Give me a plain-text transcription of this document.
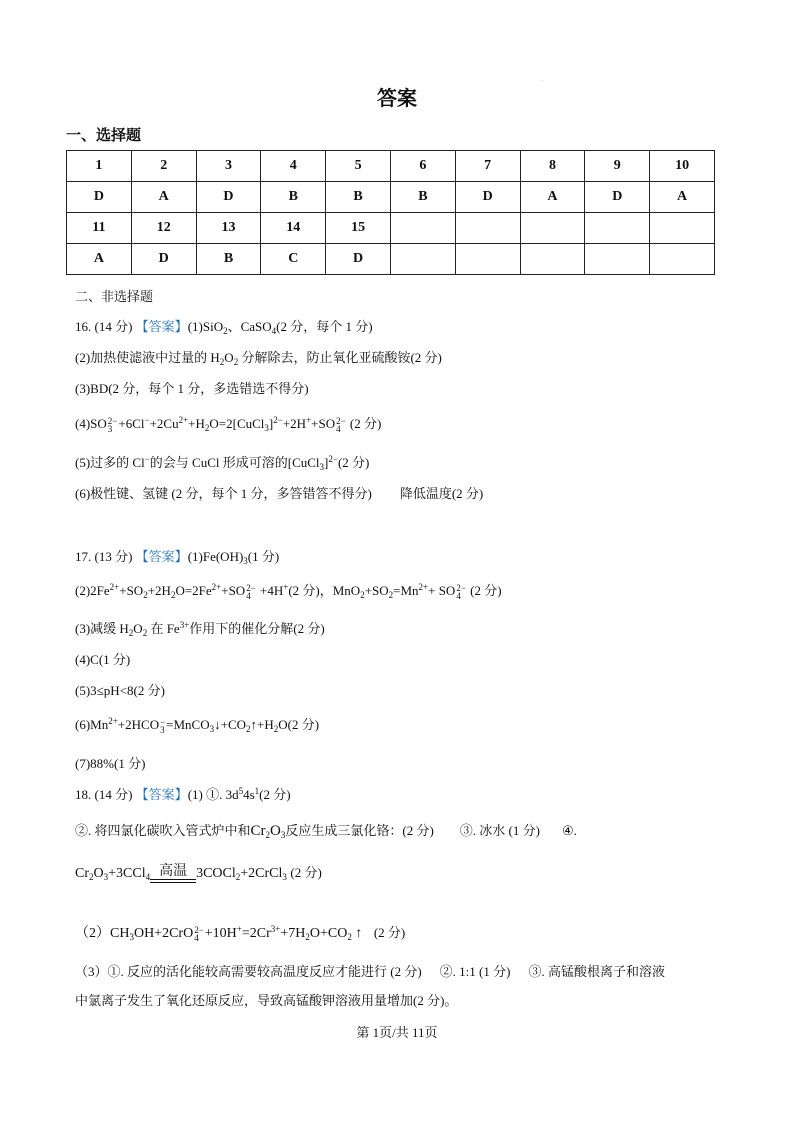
·
答案
一、选择题
1	2	3	4	5	6	7	8	9	10
D	A	D	B	B	B	D	A	D	A
11	12	13	14	15					
A	D	B	C	D					
二、非选择题
16. (14 分) 【答案】(1)SiO$_2$、CaSO$_4$(2 分，每个 1 分)
(2)加热使滤液中过量的 $H_2O_2$ 分解除去，防止氧化亚硫酸铵(2 分)
(3)BD(2 分，每个 1 分，多选错选不得分)
(4)SO2−
$3 +6Cl^-+2Cu^{2+}+H_2O=2[CuCl_3]^{2-}+2H^++SO2-$
4 (2 分)
(5)过多的 Cl−的会与 CuCl 形成可溶的[CuCl$_3$]$^{2-}$(2 分)
(6)极性键、氢键 (2 分，每个 1 分，多答错答不得分) 降低温度(2 分)
17. (13 分) 【答案】$(1)Fe(OH)_3(1$ 分)
$(2)2Fe^{2+}+SO_2+2H_2O=2Fe^{2+}+SO2-$
4 +4H+(2 分)，$MnO_2+SO_2=Mn^{2+}+ SO2-$
4 (2 分)
(3)减缓 $H_2O_2$ 在 $Fe^{3+}$作用下的催化分解(2 分)
(4)C(1 分)
(5)3≤pH<8(2 分)
$(6)Mn^{2+}+2HCO-$
$3 =MnCO_3↓+CO_2↑+H_2O(2$ 分)
(7)88%(1 分)
18. (14 分) 【答案】(1) ①. $3d^54s^1(2$ 分)
②. 将四氯化碳吹入管式炉中和$Cr_2O_3$反应生成三氯化铬：(2 分) ③. 冰水 (1 分) ④.
$Cr_2O_3+3CCl_4$ 高温 3COCl$_2$+2CrCl$_3$ (2 分)
$(2)CH_3OH+2CrO2-$
$4 +10H^+=2Cr^{3+}+7H_2O+CO_2$ ↑ (2 分)
（3）①. 反应的活化能较高需要较高温度反应才能进行 (2 分) ②. 1:1 (1 分) ③. 高锰酸根离子和溶液
中氯离子发生了氧化还原反应，导致高锰酸钾溶液用量增加(2 分)。
第 1页/共 11页
